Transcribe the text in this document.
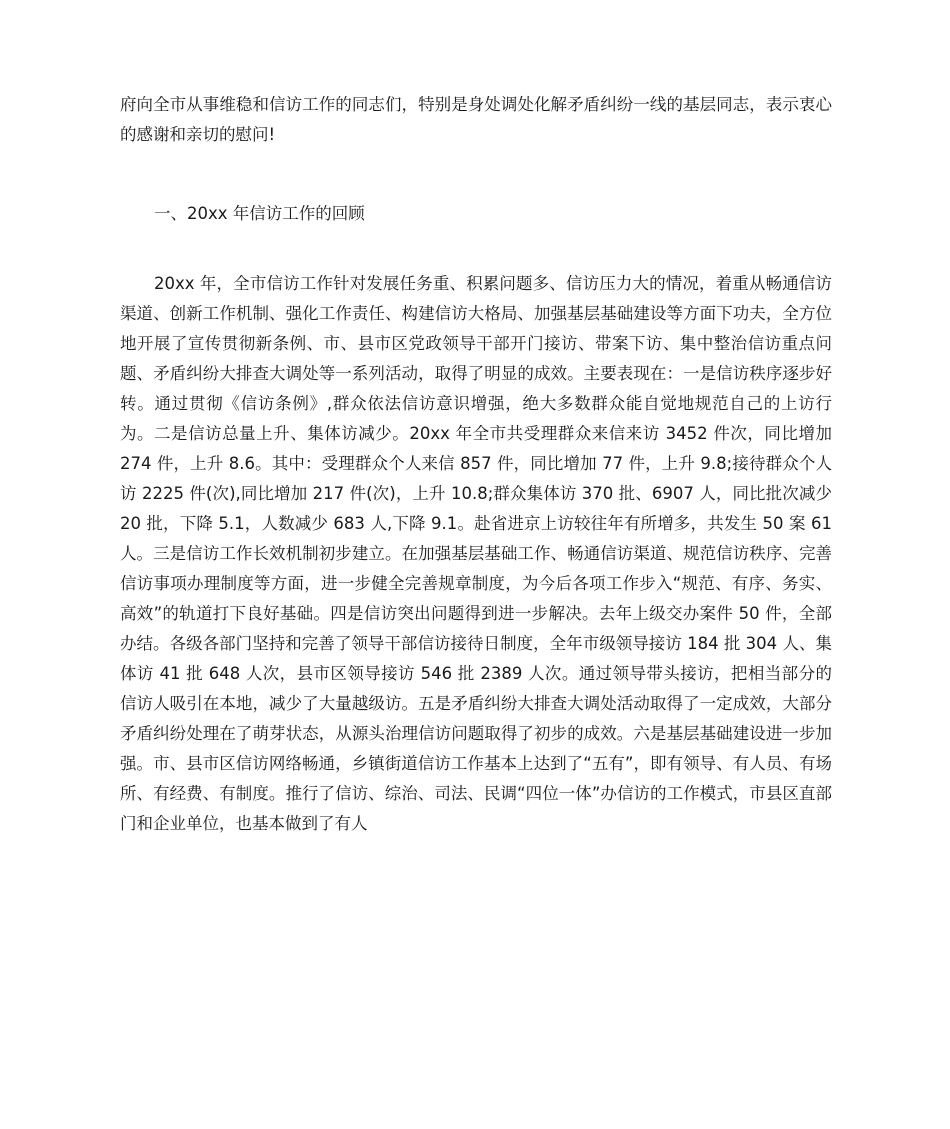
府向全市从事维稳和信访工作的同志们，特别是身处调处化解矛盾纠纷一线的基层同志，表示衷心的感谢和亲切的慰问!

一、20xx 年信访工作的回顾

20xx 年，全市信访工作针对发展任务重、积累问题多、信访压力大的情况，着重从畅通信访渠道、创新工作机制、强化工作责任、构建信访大格局、加强基层基础建设等方面下功夫，全方位地开展了宣传贯彻新条例、市、县市区党政领导干部开门接访、带案下访、集中整治信访重点问题、矛盾纠纷大排查大调处等一系列活动，取得了明显的成效。主要表现在：一是信访秩序逐步好转。通过贯彻《信访条例》,群众依法信访意识增强，绝大多数群众能自觉地规范自己的上访行为。二是信访总量上升、集体访减少。20xx 年全市共受理群众来信来访 3452 件次，同比增加 274 件，上升 8.6。其中：受理群众个人来信 857 件，同比增加 77 件，上升 9.8;接待群众个人访 2225 件(次),同比增加 217 件(次)，上升 10.8;群众集体访 370 批、6907 人，同比批次减少 20 批，下降 5.1，人数减少 683 人,下降 9.1。赴省进京上访较往年有所增多，共发生 50 案 61 人。三是信访工作长效机制初步建立。在加强基层基础工作、畅通信访渠道、规范信访秩序、完善信访事项办理制度等方面，进一步健全完善规章制度，为今后各项工作步入“规范、有序、务实、高效”的轨道打下良好基础。四是信访突出问题得到进一步解决。去年上级交办案件 50 件，全部办结。各级各部门坚持和完善了领导干部信访接待日制度，全年市级领导接访 184 批 304 人、集体访 41 批 648 人次，县市区领导接访 546 批 2389 人次。通过领导带头接访，把相当部分的信访人吸引在本地，减少了大量越级访。五是矛盾纠纷大排查大调处活动取得了一定成效，大部分矛盾纠纷处理在了萌芽状态，从源头治理信访问题取得了初步的成效。六是基层基础建设进一步加强。市、县市区信访网络畅通，乡镇街道信访工作基本上达到了“五有”，即有领导、有人员、有场所、有经费、有制度。推行了信访、综治、司法、民调“四位一体”办信访的工作模式，市县区直部门和企业单位，也基本做到了有人
